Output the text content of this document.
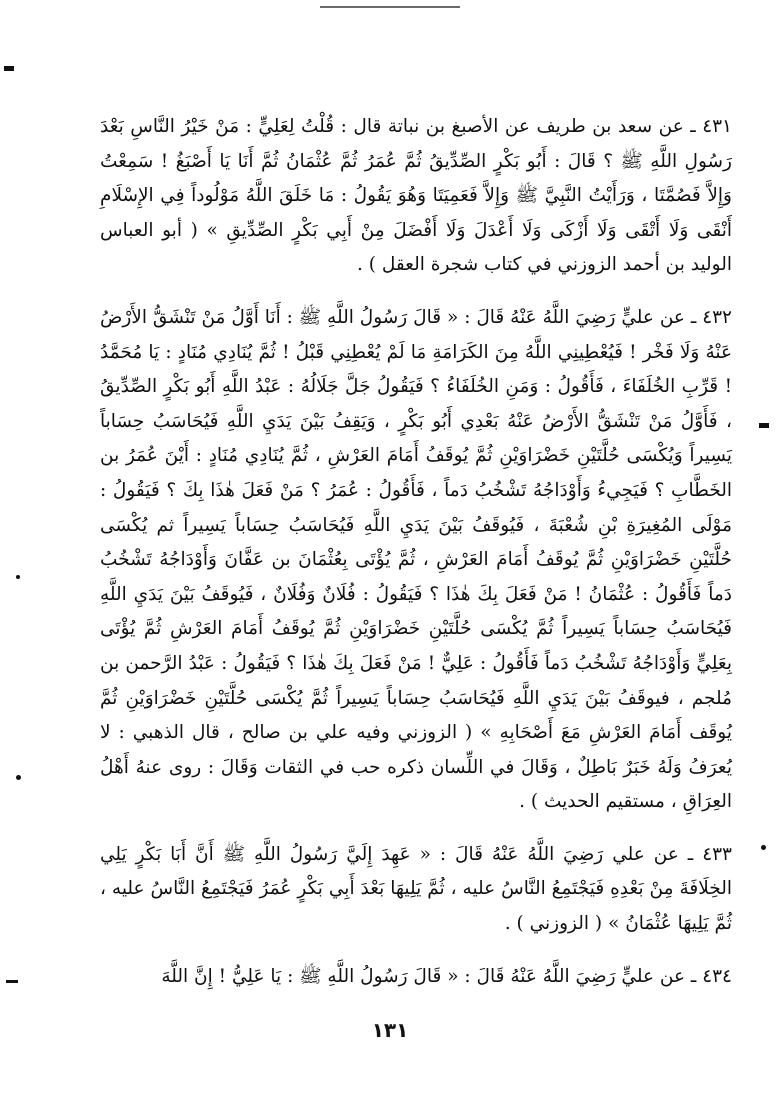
٤٣١ ـ عن سعد بن طريف عن الأصبغ بن نباتة قال : قُلْتُ لِعَلِيٍّ : مَنْ خَيْرُ النَّاسِ بَعْدَ رَسُولِ اللَّهِ ﷺ ؟ قَالَ : أَبُو بَكْرٍ الصِّدِّيقُ ثُمَّ عُمَرُ ثُمَّ عُثْمَانُ ثُمَّ أَنَا يَا أَصْبَغُ ! سَمِعْتُ وَإِلاَّ فَصُمَّتَا ، وَرَأَيْتُ النَّبِيَّ ﷺ وَإِلاَّ فَعَمِيَتَا وَهُوَ يَقُولُ : مَا خَلَقَ اللَّهُ مَوْلُوداً فِي الإِسْلَامِ أَنْقَى وَلَا أَتْقَى وَلَا أَزْكَى وَلَا أَعْدَلَ وَلَا أَفْضَلَ مِنْ أَبِي بَكْرٍ الصِّدِّيقِ » ( أبو العباس الوليد بن أحمد الزوزني في كتاب شجرة العقل ) .

٤٣٢ ـ عن عليٍّ رَضِيَ اللَّهُ عَنْهُ قَالَ : « قَالَ رَسُولُ اللَّهِ ﷺ : أَنَا أَوَّلُ مَنْ تَنْشَقُّ الأَرْضُ عَنْهُ وَلَا فَخْر ! فَيُعْطِينِي اللَّهُ مِنَ الكَرَامَةِ مَا لَمْ يُعْطِنِي قَبْلُ ! ثُمَّ يُنَادِي مُنَادٍ : يَا مُحَمَّدُ ! قَرِّبِ الخُلَفَاءَ ، فَأَقُولُ : وَمَنِ الخُلَفَاءُ ؟ فَيَقُولُ جَلَّ جَلَالُهُ : عَبْدُ اللَّهِ أَبُو بَكْرٍ الصِّدِّيقُ ، فَأَوَّلُ مَنْ تَنْشَقُّ الأَرْضُ عَنْهُ بَعْدِي أَبُو بَكْرٍ ، وَيَقِفُ بَيْنَ يَدَيِ اللَّهِ فَيُحَاسَبُ حِسَاباً يَسِيراً وَيُكْسَى حُلَّتَيْنِ خَضْرَاوَيْنِ ثُمَّ يُوقَفُ أَمَامَ العَرْشِ ، ثُمَّ يُنَادِي مُنَادٍ : أَيْنَ عُمَرُ بن الخَطَّابِ ؟ فَيَجِيءُ وَأَوْدَاجُهُ تَشْخُبُ دَماً ، فَأَقُولُ : عُمَرُ ؟ مَنْ فَعَلَ هٰذَا بِكَ ؟ فَيَقُولُ : مَوْلَى المُغِيرَةِ بْنِ شُعْبَةَ ، فَيُوقَفُ بَيْنَ يَدَيِ اللَّهِ فَيُحَاسَبُ حِسَاباً يَسِيراً ثم يُكْسَى حُلَّتَيْنِ خَضْرَاوَيْنِ ثُمَّ يُوقَفُ أَمَامَ العَرْشِ ، ثُمَّ يُؤْتَى بِعُثْمَانَ بن عَفَّانَ وَأَوْدَاجُهُ تَشْخُبُ دَماً فَأَقُولُ : عُثْمَانُ ! مَنْ فَعَلَ بِكَ هٰذَا ؟ فَيَقُولُ : فُلَانٌ وَفُلَانٌ ، فَيُوقَفُ بَيْنَ يَدَيِ اللَّهِ فَيُحَاسَبُ حِسَاباً يَسِيراً ثُمَّ يُكْسَى حُلَّتَيْنِ خَضْرَاوَيْنِ ثُمَّ يُوقَفُ أَمَامَ العَرْشِ ثُمَّ يُؤْتَى بِعَلِيٍّ وَأَوْدَاجُهُ تَشْخُبُ دَماً فَأَقُولُ : عَلِيٌّ ! مَنْ فَعَلَ بِكَ هٰذَا ؟ فَيَقُولُ : عَبْدُ الرَّحمن بن مُلجم ، فيوقَفُ بَيْنَ يَدَيِ اللَّهِ فَيُحَاسَبُ حِسَاباً يَسِيراً ثُمَّ يُكْسَى حُلَّتَيْنِ خَضْرَاوَيْنِ ثُمَّ يُوقَف أَمَامَ العَرْشِ مَعَ أَصْحَابِهِ » ( الزوزني وفيه علي بن صالح ، قال الذهبي : لا يُعرَفُ وَلَهُ خَبَرٌ بَاطِلٌ ، وَقَالَ في اللِّسان ذكره حب في الثقات وَقَالَ : روى عنهُ أَهْلُ العِرَاقِ ، مستقيم الحديث ) .

٤٣٣ ـ عن علي رَضِيَ اللَّهُ عَنْهُ قَالَ : « عَهِدَ إِلَيَّ رَسُولُ اللَّهِ ﷺ أَنَّ أَبَا بَكْرٍ يَلِي الخِلَافَةَ مِنْ بَعْدِهِ فَيَجْتَمِعُ النَّاسُ عليه ، ثُمَّ يَلِيهَا بَعْدَ أَبِي بَكْرٍ عُمَرُ فَيَجْتَمِعُ النَّاسُ عليه ، ثُمَّ يَلِيهَا عُثْمَانُ » ( الزوزني ) .

٤٣٤ ـ عن عليٍّ رَضِيَ اللَّهُ عَنْهُ قَالَ : « قَالَ رَسُولُ اللَّهِ ﷺ : يَا عَلِيُّ ! إِنَّ اللَّهَ

١٣١
